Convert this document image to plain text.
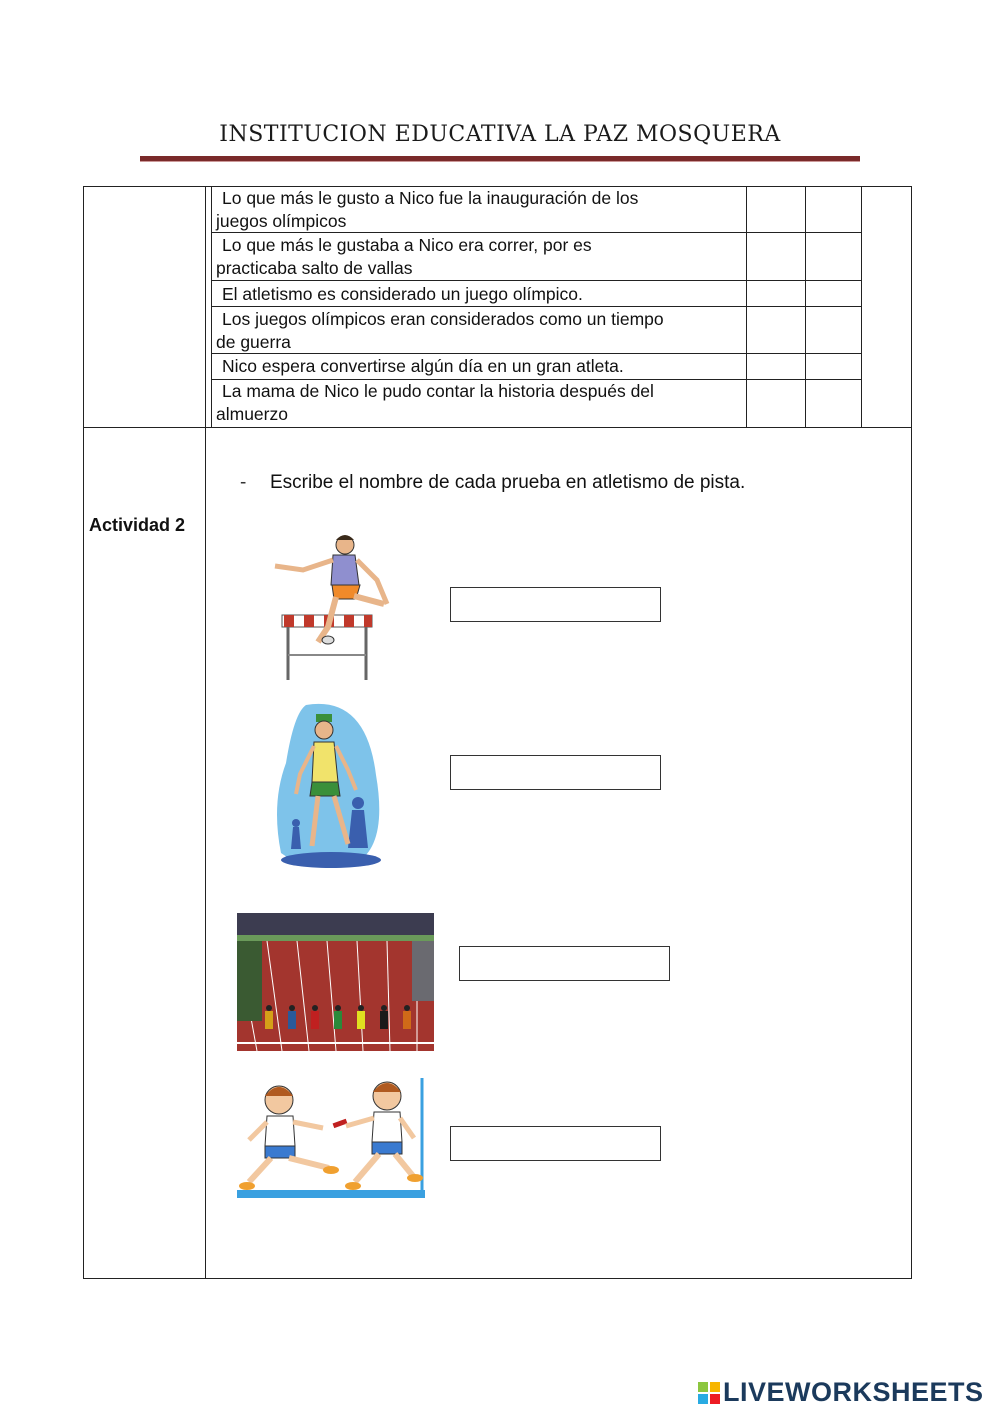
INSTITUCION EDUCATIVA LA PAZ MOSQUERA
Lo que más le gusto a Nico fue la inauguración de los
juegos olímpicos
Lo que más le gustaba a Nico era correr, por es
practicaba salto de vallas
El atletismo es considerado un juego olímpico.
Los juegos olímpicos eran considerados como un tiempo
de guerra
Nico espera convertirse algún día en un gran atleta.
La mama de Nico le pudo contar la historia después del
almuerzo
Actividad 2
- Escribe el nombre de cada prueba en atletismo de pista.
LIVEWORKSHEETS
